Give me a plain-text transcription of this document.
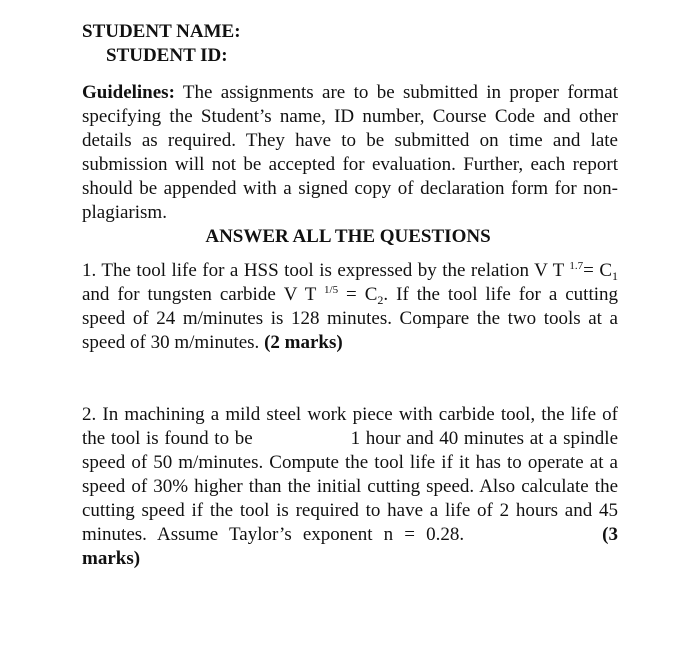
STUDENT NAME:
STUDENT ID:
Guidelines: The assignments are to be submitted in proper format specifying the Student’s name, ID number, Course Code and other details as required. They have to be submitted on time and late submission will not be accepted for evaluation. Further, each report should be appended with a signed copy of declaration form for non-plagiarism.
ANSWER ALL THE QUESTIONS
1. The tool life for a HSS tool is expressed by the relation V T $^{1.7}= C_1$ and for tungsten carbide V T $^{1/5} = C_2$. If the tool life for a cutting speed of 24 m/minutes is 128 minutes. Compare the two tools at a speed of 30 m/minutes. (2 marks)
2. In machining a mild steel work piece with carbide tool, the life of the tool is found to be	1 hour and 40 minutes at a spindle speed of 50 m/minutes. Compute the tool life if it has to operate at a speed of 30% higher than the initial cutting speed. Also calculate the cutting speed if the tool is required to have a life of 2 hours and 45 minutes. Assume Taylor’s exponent n = 0.28.	(3 marks)
